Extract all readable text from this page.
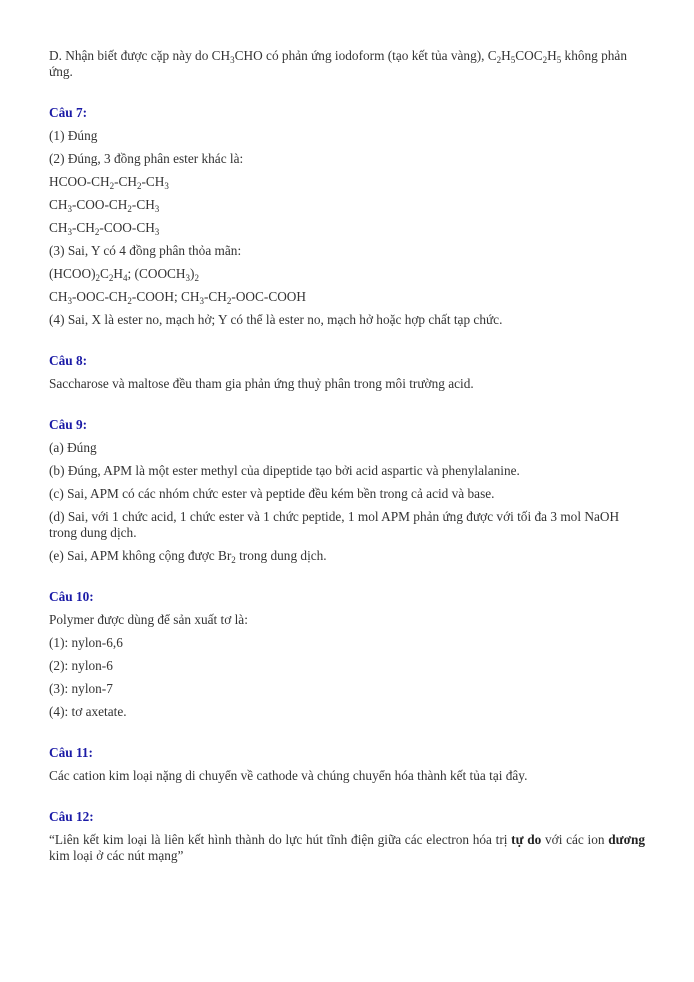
D. Nhận biết được cặp này do $CH_3CHO$ có phản ứng iodoform (tạo kết tủa vàng), $C_2H_5COC_2H_5$ không phản ứng.

Câu 7:

(1) Đúng

(2) Đúng, 3 đồng phân ester khác là:

HCOO-$CH_2-CH_2-CH_3$

$CH_3-COO-CH_2-CH_3$

$CH_3-CH_2-COO-CH_3$

(3) Sai, Y có 4 đồng phân thỏa mãn:

$(HCOO)_2C_2H_4$; $(COOCH_3)_2$

$CH_3-OOC-CH_2$-COOH; $CH_3-CH_2-OOC$-COOH

(4) Sai, X là ester no, mạch hở; Y có thể là ester no, mạch hở hoặc hợp chất tạp chức.

Câu 8:

Saccharose và maltose đều tham gia phản ứng thuỷ phân trong môi trường acid.

Câu 9:

(a) Đúng

(b) Đúng, APM là một ester methyl của dipeptide tạo bởi acid aspartic và phenylalanine.

(c) Sai, APM có các nhóm chức ester và peptide đều kém bền trong cả acid và base.

(d) Sai, với 1 chức acid, 1 chức ester và 1 chức peptide, 1 mol APM phản ứng được với tối đa 3 mol NaOH trong dung dịch.

(e) Sai, APM không cộng được $Br_2$ trong dung dịch.

Câu 10:

Polymer được dùng để sản xuất tơ là:

(1): nylon-6,6

(2): nylon-6

(3): nylon-7

(4): tơ axetate.

Câu 11:

Các cation kim loại nặng di chuyển về cathode và chúng chuyển hóa thành kết tủa tại đây.

Câu 12:

“Liên kết kim loại là liên kết hình thành do lực hút tĩnh điện giữa các electron hóa trị tự do với các ion dương kim loại ở các nút mạng”
